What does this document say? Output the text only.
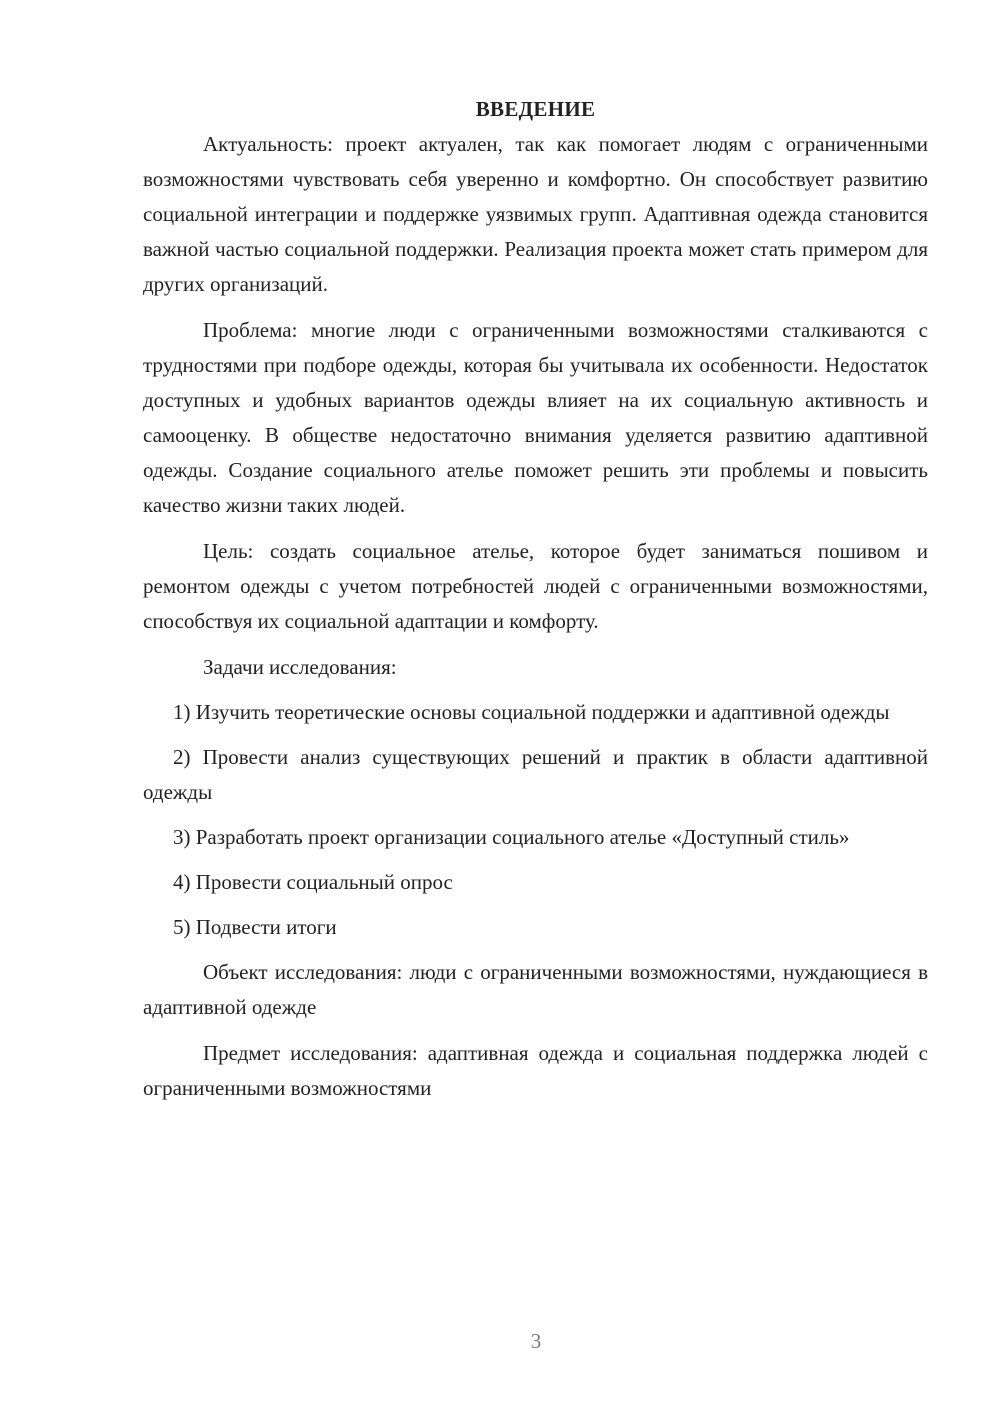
ВВЕДЕНИЕ

Актуальность: проект актуален, так как помогает людям с ограниченными возможностями чувствовать себя уверенно и комфортно. Он способствует развитию социальной интеграции и поддержке уязвимых групп. Адаптивная одежда становится важной частью социальной поддержки. Реализация проекта может стать примером для других организаций.

Проблема: многие люди с ограниченными возможностями сталкиваются с трудностями при подборе одежды, которая бы учитывала их особенности. Недостаток доступных и удобных вариантов одежды влияет на их социальную активность и самооценку. В обществе недостаточно внимания уделяется развитию адаптивной одежды. Создание социального ателье поможет решить эти проблемы и повысить качество жизни таких людей.

Цель: создать социальное ателье, которое будет заниматься пошивом и ремонтом одежды с учетом потребностей людей с ограниченными возможностями, способствуя их социальной адаптации и комфорту.

Задачи исследования:

1) Изучить теоретические основы социальной поддержки и адаптивной одежды

2) Провести анализ существующих решений и практик в области адаптивной одежды

3) Разработать проект организации социального ателье «Доступный стиль»

4) Провести социальный опрос

5) Подвести итоги

Объект исследования: люди с ограниченными возможностями, нуждающиеся в адаптивной одежде

Предмет исследования: адаптивная одежда и социальная поддержка людей с ограниченными возможностями

3
